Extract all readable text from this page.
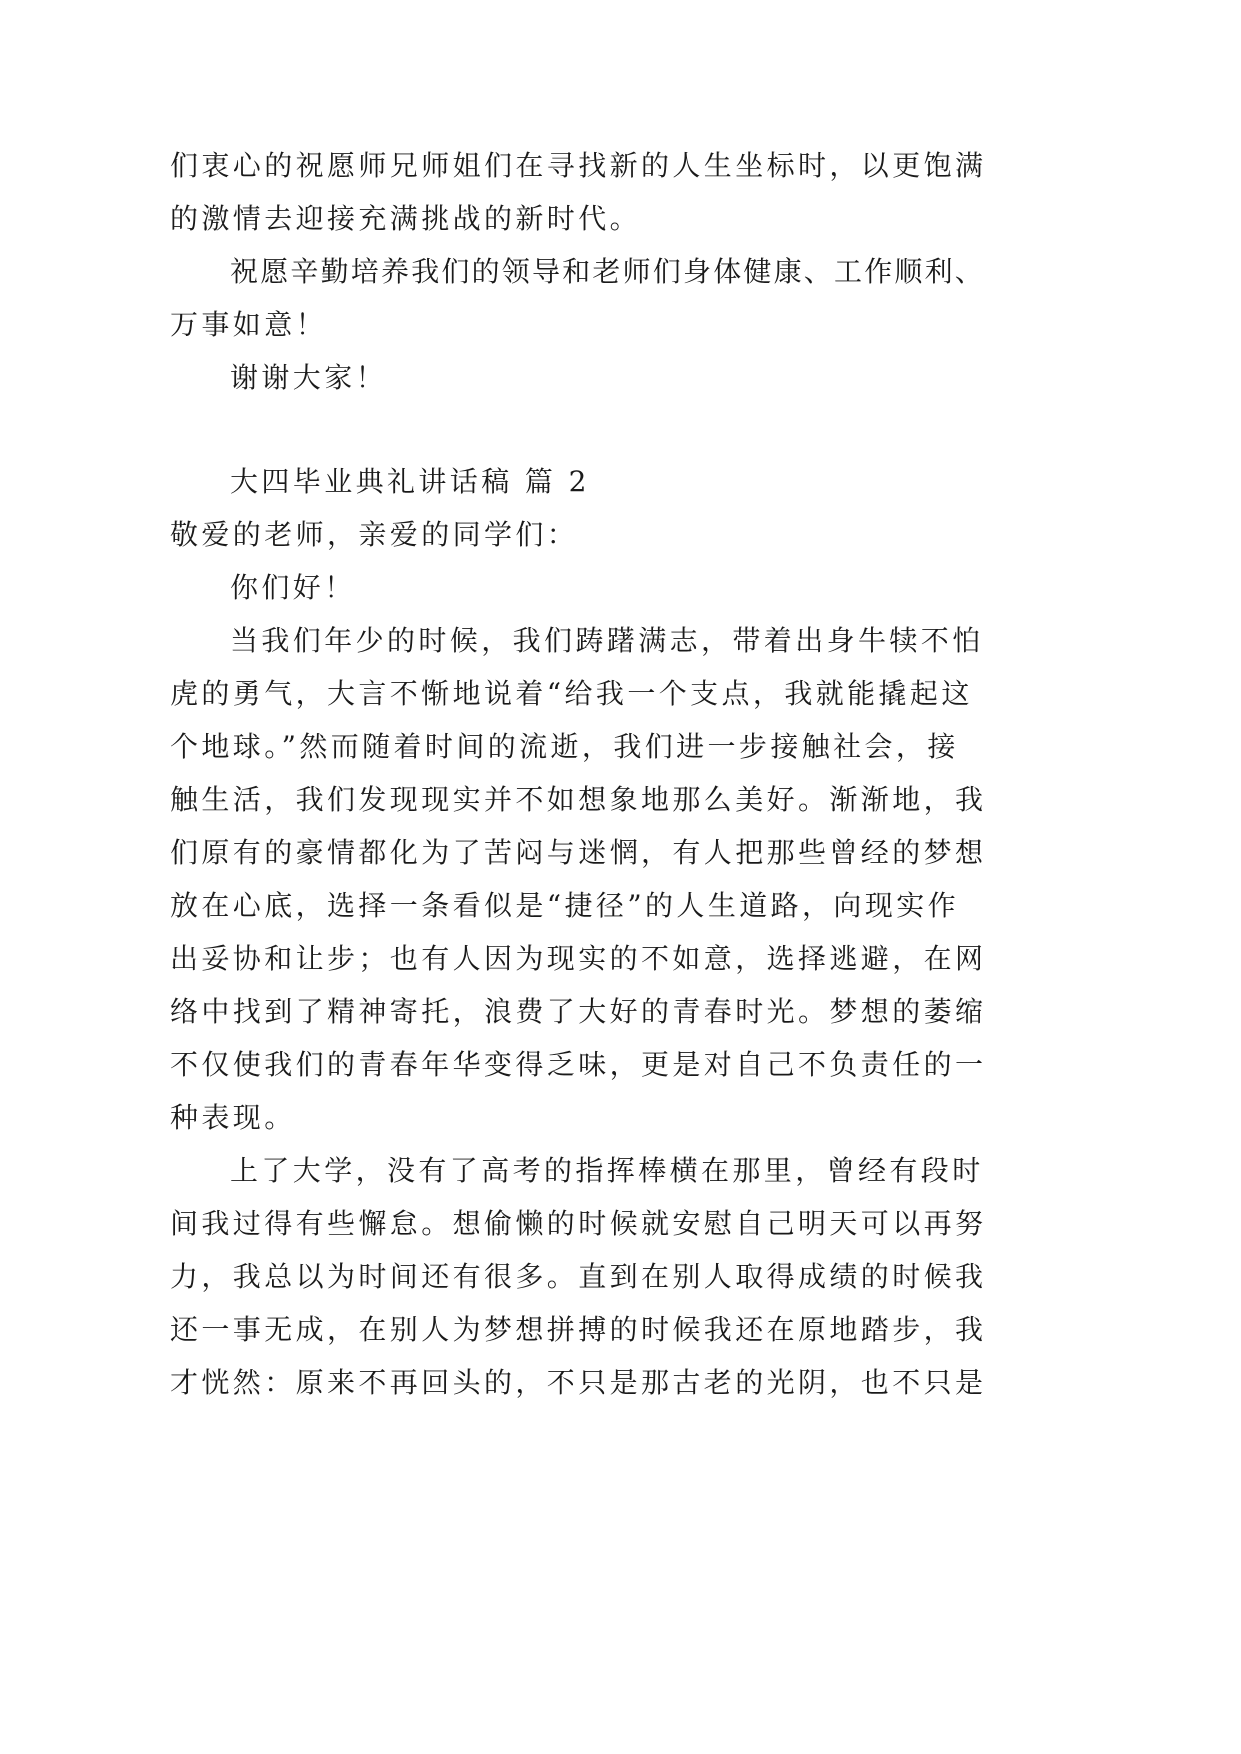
们衷心的祝愿师兄师姐们在寻找新的人生坐标时，以更饱满
的激情去迎接充满挑战的新时代。
祝愿辛勤培养我们的领导和老师们身体健康、工作顺利、
万事如意！
谢谢大家！
大四毕业典礼讲话稿 篇 2
敬爱的老师，亲爱的同学们：
你们好！
当我们年少的时候，我们踌躇满志，带着出身牛犊不怕
虎的勇气，大言不惭地说着“给我一个支点，我就能撬起这
个地球。”然而随着时间的流逝，我们进一步接触社会，接
触生活，我们发现现实并不如想象地那么美好。渐渐地，我
们原有的豪情都化为了苦闷与迷惘，有人把那些曾经的梦想
放在心底，选择一条看似是“捷径”的人生道路，向现实作
出妥协和让步；也有人因为现实的不如意，选择逃避，在网
络中找到了精神寄托，浪费了大好的青春时光。梦想的萎缩
不仅使我们的青春年华变得乏味，更是对自己不负责任的一
种表现。
上了大学，没有了高考的指挥棒横在那里，曾经有段时
间我过得有些懈怠。想偷懒的时候就安慰自己明天可以再努
力，我总以为时间还有很多。直到在别人取得成绩的时候我
还一事无成，在别人为梦想拼搏的时候我还在原地踏步，我
才恍然：原来不再回头的，不只是那古老的光阴，也不只是
